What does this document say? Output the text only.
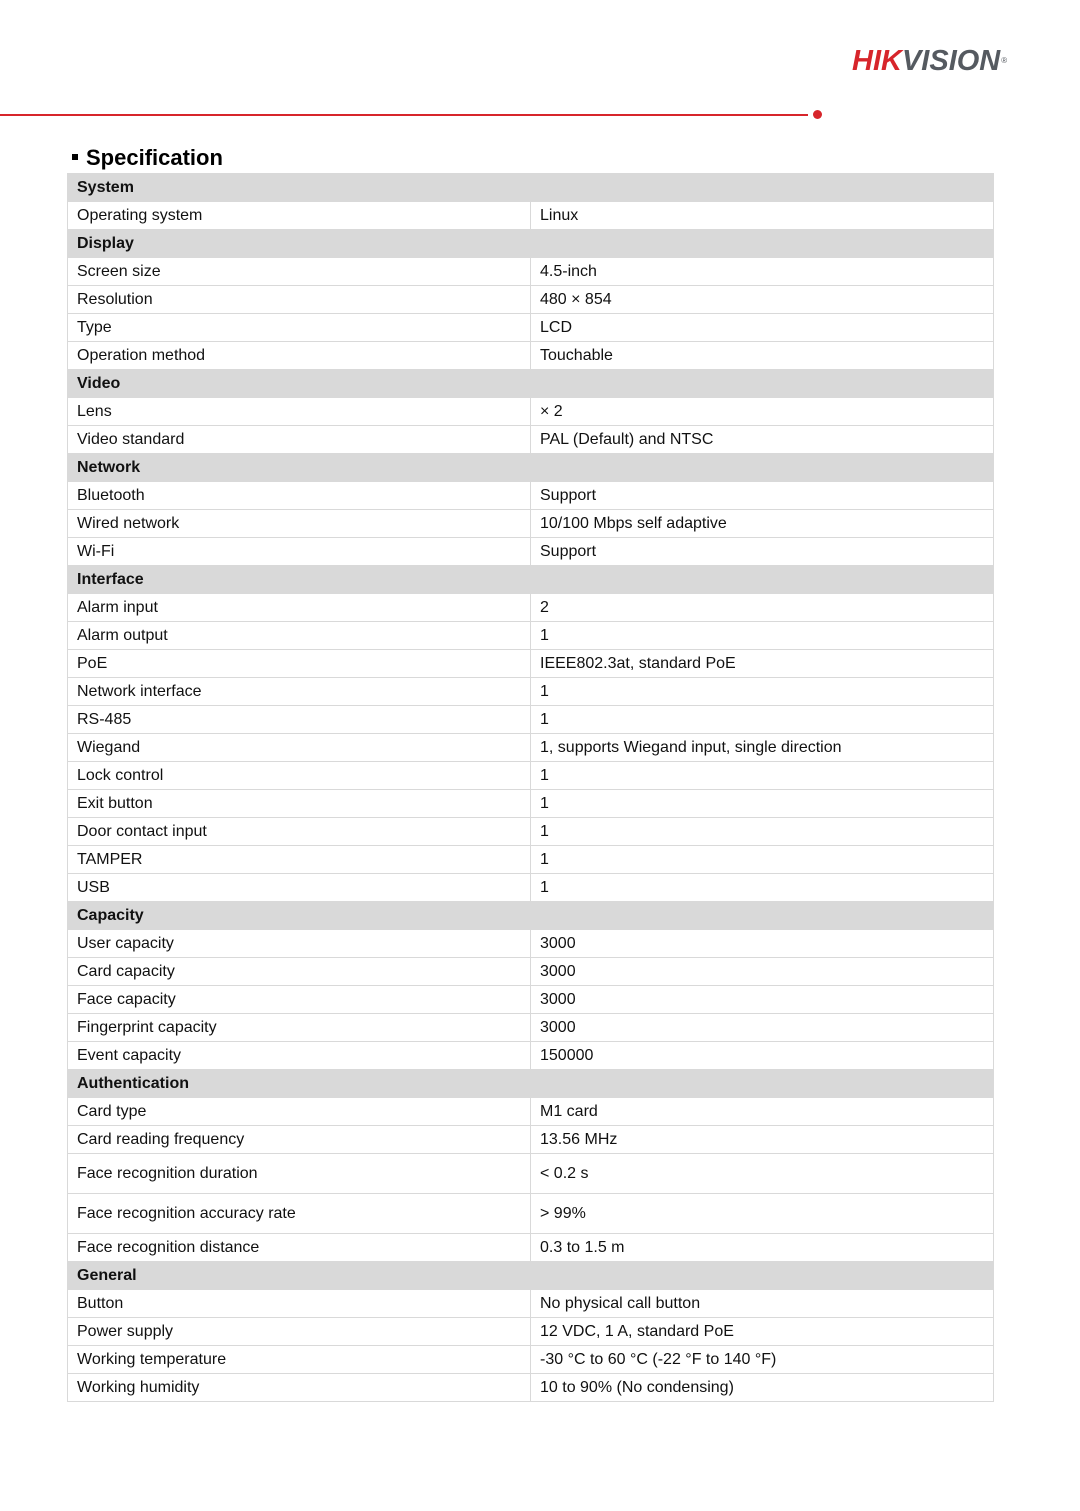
HIKVISION®
Specification
System	
Operating system	Linux
Display	
Screen size	4.5-inch
Resolution	480 × 854
Type	LCD
Operation method	Touchable
Video	
Lens	× 2
Video standard	PAL (Default) and NTSC
Network	
Bluetooth	Support
Wired network	10/100 Mbps self adaptive
Wi-Fi	Support
Interface	
Alarm input	2
Alarm output	1
PoE	IEEE802.3at, standard PoE
Network interface	1
RS-485	1
Wiegand	1, supports Wiegand input, single direction
Lock control	1
Exit button	1
Door contact input	1
TAMPER	1
USB	1
Capacity	
User capacity	3000
Card capacity	3000
Face capacity	3000
Fingerprint capacity	3000
Event capacity	150000
Authentication	
Card type	M1 card
Card reading frequency	13.56 MHz
Face recognition duration	< 0.2 s
Face recognition accuracy rate	> 99%
Face recognition distance	0.3 to 1.5 m
General	
Button	No physical call button
Power supply	12 VDC, 1 A, standard PoE
Working temperature	-30 °C to 60 °C (-22 °F to 140 °F)
Working humidity	10 to 90% (No condensing)
